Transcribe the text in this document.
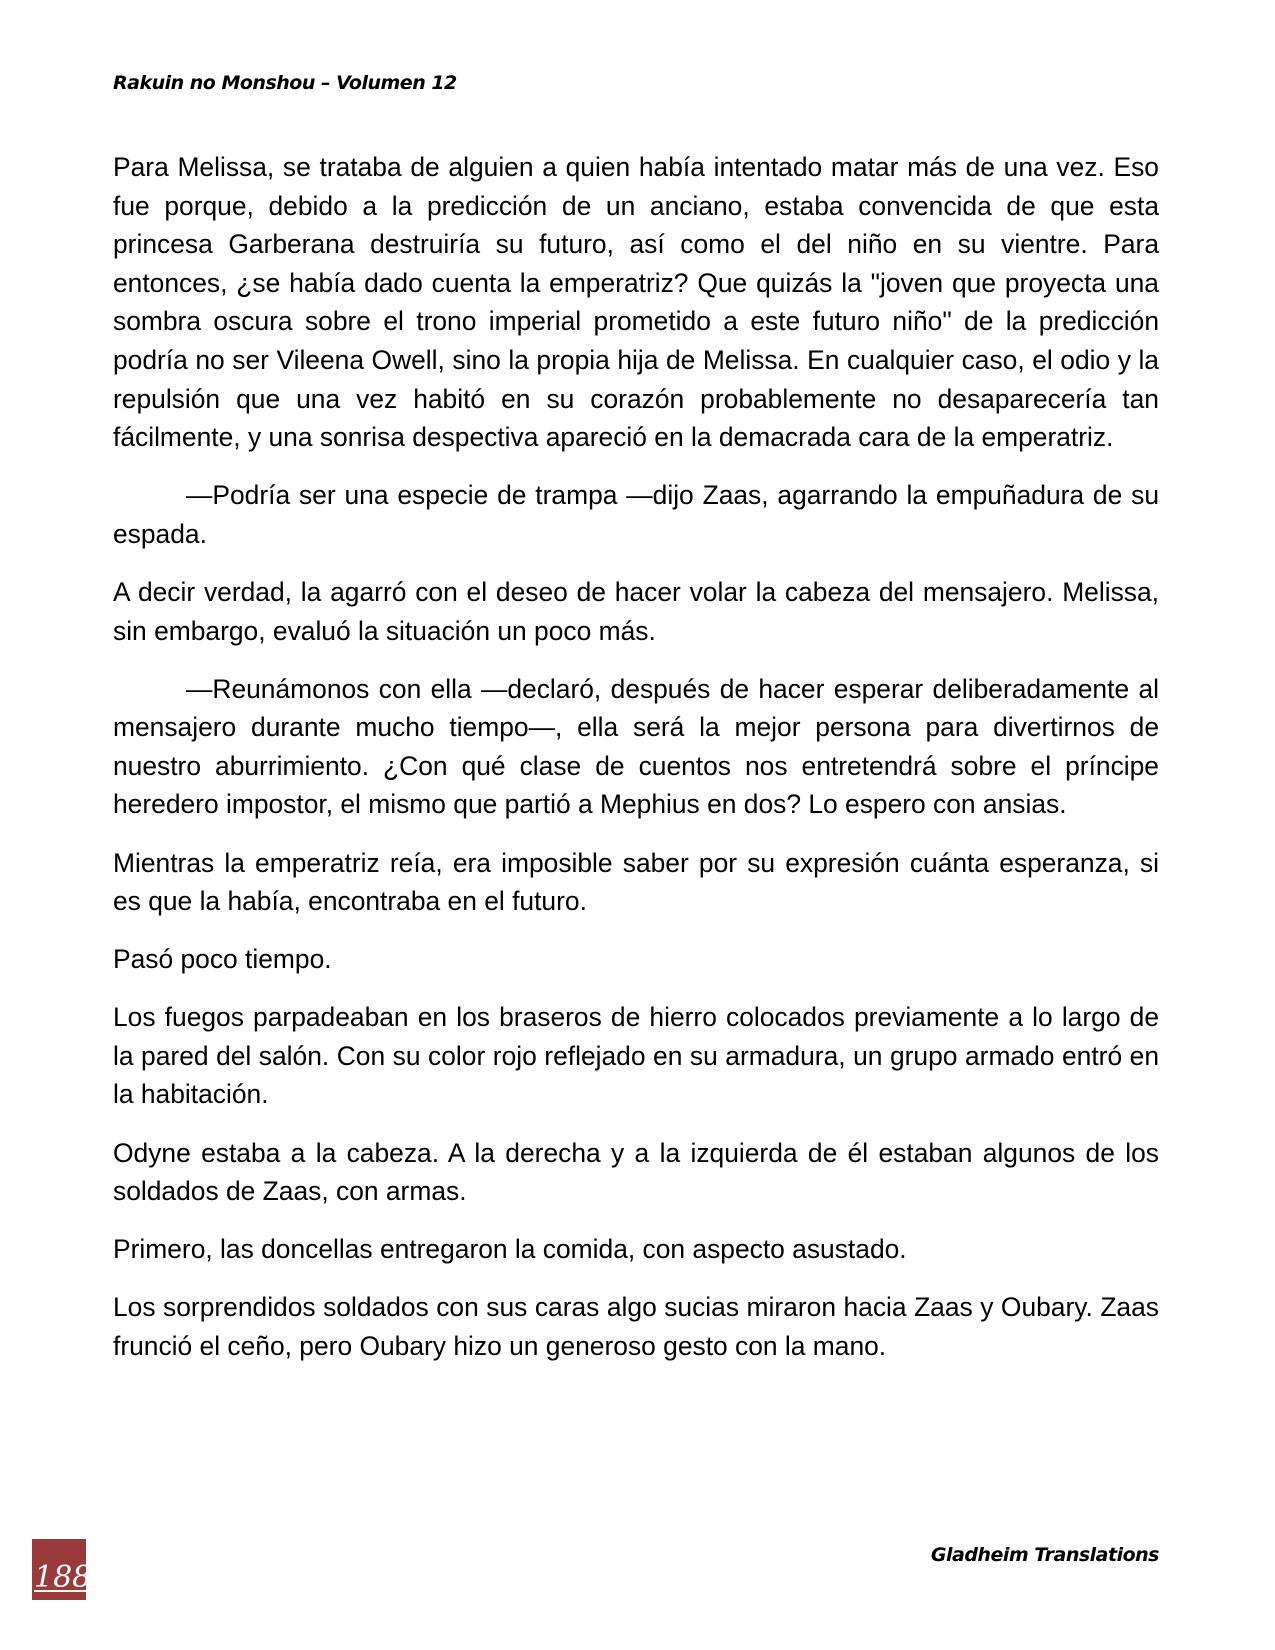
Rakuin no Monshou – Volumen 12

Para Melissa, se trataba de alguien a quien había intentado matar más de una vez. Eso fue porque, debido a la predicción de un anciano, estaba convencida de que esta princesa Garberana destruiría su futuro, así como el del niño en su vientre. Para entonces, ¿se había dado cuenta la emperatriz? Que quizás la "joven que proyecta una sombra oscura sobre el trono imperial prometido a este futuro niño" de la predicción podría no ser Vileena Owell, sino la propia hija de Melissa. En cualquier caso, el odio y la repulsión que una vez habitó en su corazón probablemente no desaparecería tan fácilmente, y una sonrisa despectiva apareció en la demacrada cara de la emperatriz.

—Podría ser una especie de trampa —dijo Zaas, agarrando la empuñadura de su espada.

A decir verdad, la agarró con el deseo de hacer volar la cabeza del mensajero. Melissa, sin embargo, evaluó la situación un poco más.

—Reunámonos con ella —declaró, después de hacer esperar deliberadamente al mensajero durante mucho tiempo—, ella será la mejor persona para divertirnos de nuestro aburrimiento. ¿Con qué clase de cuentos nos entretendrá sobre el príncipe heredero impostor, el mismo que partió a Mephius en dos? Lo espero con ansias.

Mientras la emperatriz reía, era imposible saber por su expresión cuánta esperanza, si es que la había, encontraba en el futuro.

Pasó poco tiempo.

Los fuegos parpadeaban en los braseros de hierro colocados previamente a lo largo de la pared del salón. Con su color rojo reflejado en su armadura, un grupo armado entró en la habitación.

Odyne estaba a la cabeza. A la derecha y a la izquierda de él estaban algunos de los soldados de Zaas, con armas.

Primero, las doncellas entregaron la comida, con aspecto asustado.

Los sorprendidos soldados con sus caras algo sucias miraron hacia Zaas y Oubary. Zaas frunció el ceño, pero Oubary hizo un generoso gesto con la mano.

188
Gladheim Translations
